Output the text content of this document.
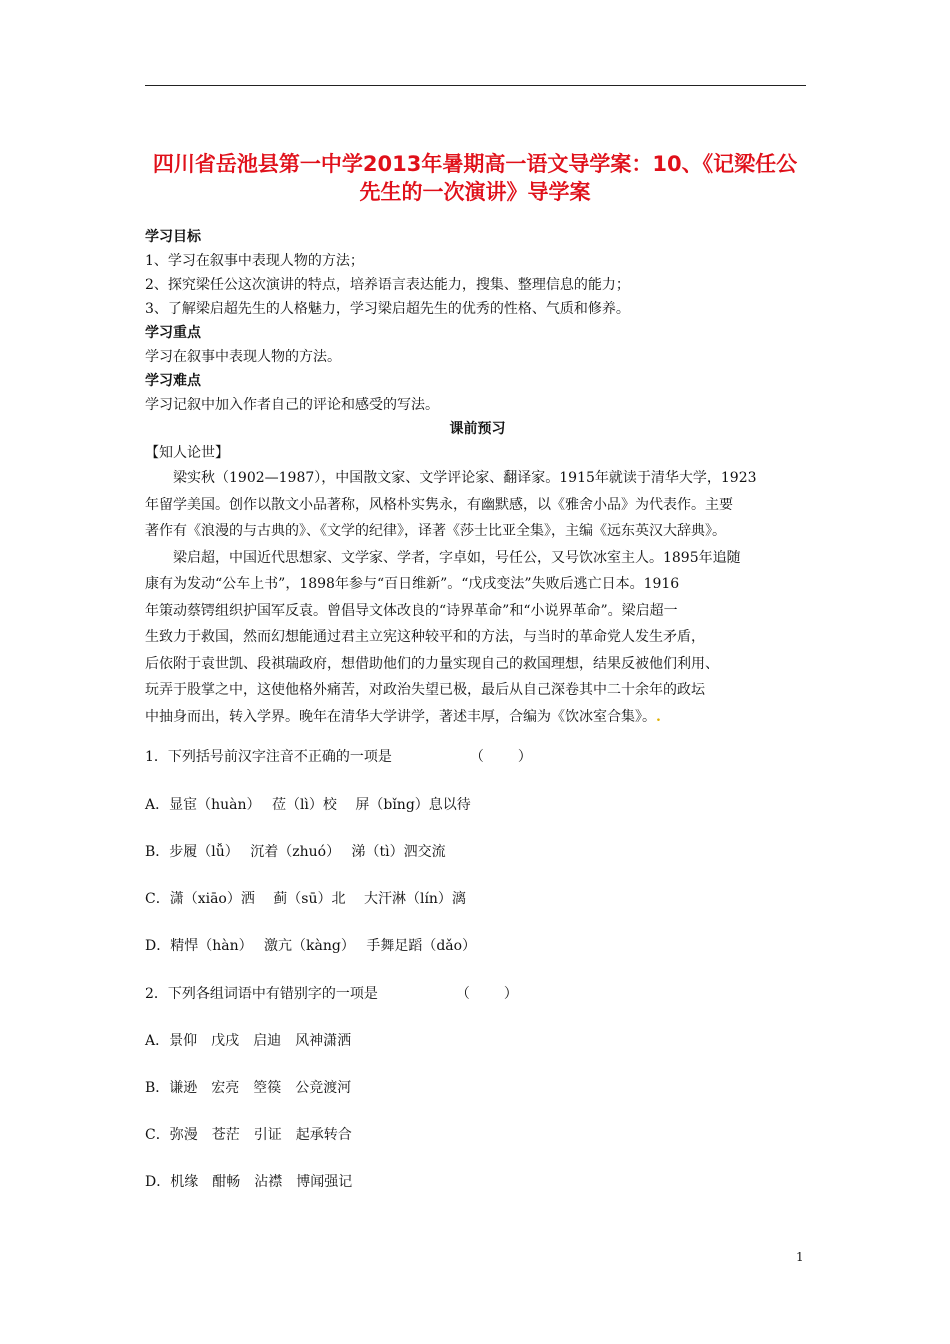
四川省岳池县第一中学2013年暑期高一语文导学案：10、《记梁任公
先生的一次演讲》导学案
学习目标
1、学习在叙事中表现人物的方法；
2、探究梁任公这次演讲的特点，培养语言表达能力，搜集、整理信息的能力；
3、了解梁启超先生的人格魅力，学习梁启超先生的优秀的性格、气质和修养。
学习重点
学习在叙事中表现人物的方法。
学习难点
学习记叙中加入作者自己的评论和感受的写法。
课前预习
【知人论世】
梁实秋（1902—1987），中国散文家、文学评论家、翻译家。1915年就读于清华大学，1923
年留学美国。创作以散文小品著称，风格朴实隽永，有幽默感，以《雅舍小品》为代表作。主要
著作有《浪漫的与古典的》、《文学的纪律》，译著《莎士比亚全集》，主编《远东英汉大辞典》。
梁启超，中国近代思想家、文学家、学者，字卓如，号任公，又号饮冰室主人。1895年追随
康有为发动“公车上书”，1898年参与“百日维新”。“戊戌变法”失败后逃亡日本。1916
年策动蔡锷组织护国军反袁。曾倡导文体改良的“诗界革命”和“小说界革命”。梁启超一
生致力于救国，然而幻想能通过君主立宪这种较平和的方法，与当时的革命党人发生矛盾，
后依附于袁世凯、段祺瑞政府，想借助他们的力量实现自己的救国理想，结果反被他们利用、
玩弄于股掌之中，这使他格外痛苦，对政治失望已极，最后从自己深卷其中二十余年的政坛
中抽身而出，转入学界。晚年在清华大学讲学，著述丰厚，合编为《饮冰室合集》。.
1．下列括号前汉字注音不正确的一项是	（　　）
A．显宦（huàn）　 莅（lì）校　 屏（bǐng）息以待
B．步履（lǚ）　 沉着（zhuó）　 涕（tì）泗交流
C．潇（xiāo）洒　 蓟（sū）北　 大汗淋（lín）漓
D．精悍（hàn）　 激亢（kàng）　 手舞足蹈（dǎo）
2．下列各组词语中有错别字的一项是	（　　）
A．景仰　戊戌　启迪　风神潇洒
B．谦逊　宏亮　箜篌　公竞渡河
C．弥漫　苍茫　引证　起承转合
D．机缘　酣畅　沾襟　博闻强记
1
